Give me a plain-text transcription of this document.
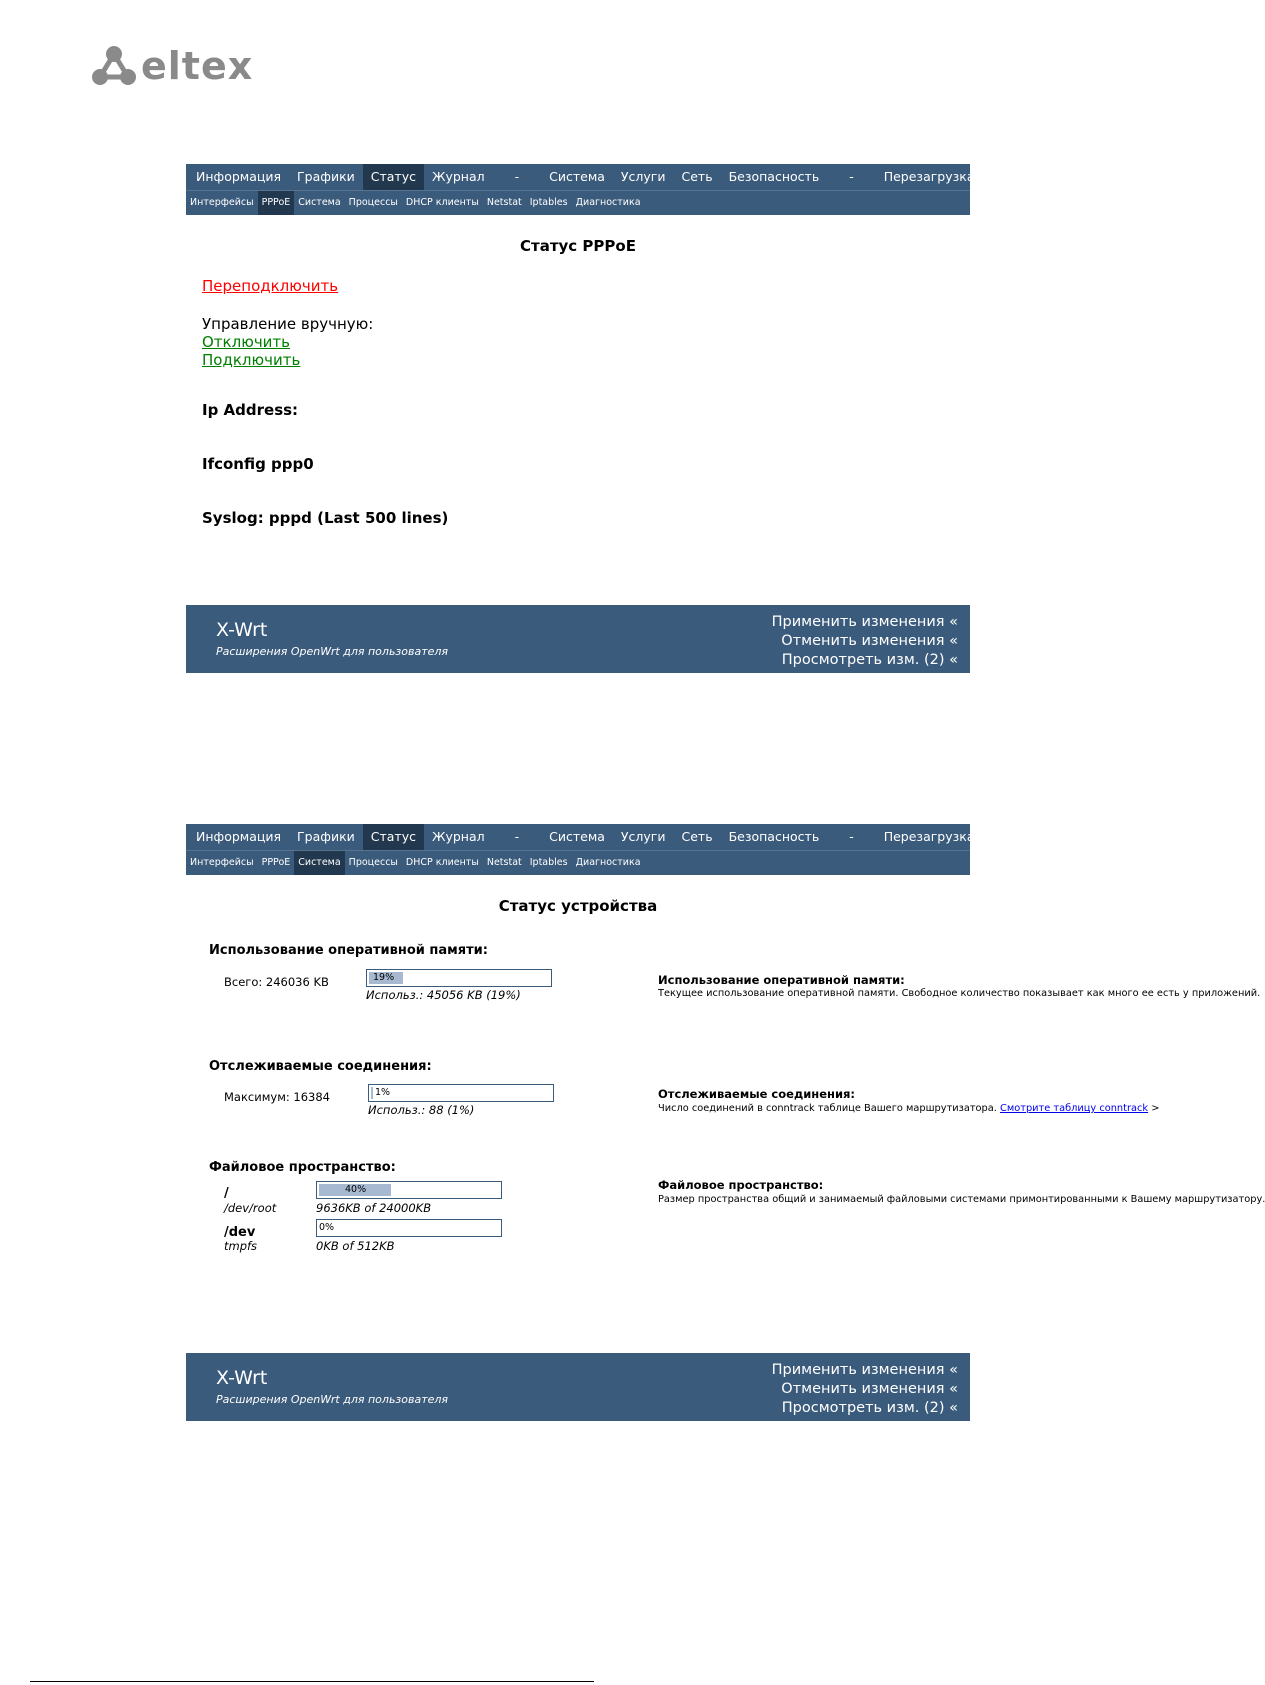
eltex
Информация	Графики	Статус	Журнал	-	Система	Услуги	Сеть	Безопасность	-	Перезагрузка
Интерфейсы PPPoE Система Процессы DHCP клиенты Netstat Iptables Диагностика
Статус PPPoE
Переподключить
Управление вручную:
Отключить
Подключить
Ip Address:
Ifconfig ppp0
Syslog: pppd (Last 500 lines)
X-Wrt
Расширения OpenWrt для пользователя
Применить изменения «
Отменить изменения «
Просмотреть изм. (2) «
Информация	Графики	Статус	Журнал	-	Система	Услуги	Сеть	Безопасность	-	Перезагрузка
Интерфейсы PPPoE Система Процессы DHCP клиенты Netstat Iptables Диагностика
Статус устройства
Использование оперативной памяти:
Всего: 246036 KB	19%
Использ.: 45056 KB (19%)
Отслеживаемые соединения:
Максимум: 16384	1%
Использ.: 88 (1%)
Файловое пространство:
/
/dev/root
40%
9636KB of 24000KB
/dev
tmpfs
0%
0KB of 512KB
Использование оперативной памяти:
Текущее использование оперативной памяти. Свободное количество показывает как много ее есть у приложений.
Отслеживаемые соединения:
Число соединений в conntrack таблице Вашего маршрутизатора. Смотрите таблицу conntrack >
Файловое пространство:
Размер пространства общий и занимаемый файловыми системами примонтированными к Вашему маршрутизатору.
X-Wrt
Расширения OpenWrt для пользователя
Применить изменения «
Отменить изменения «
Просмотреть изм. (2) «
